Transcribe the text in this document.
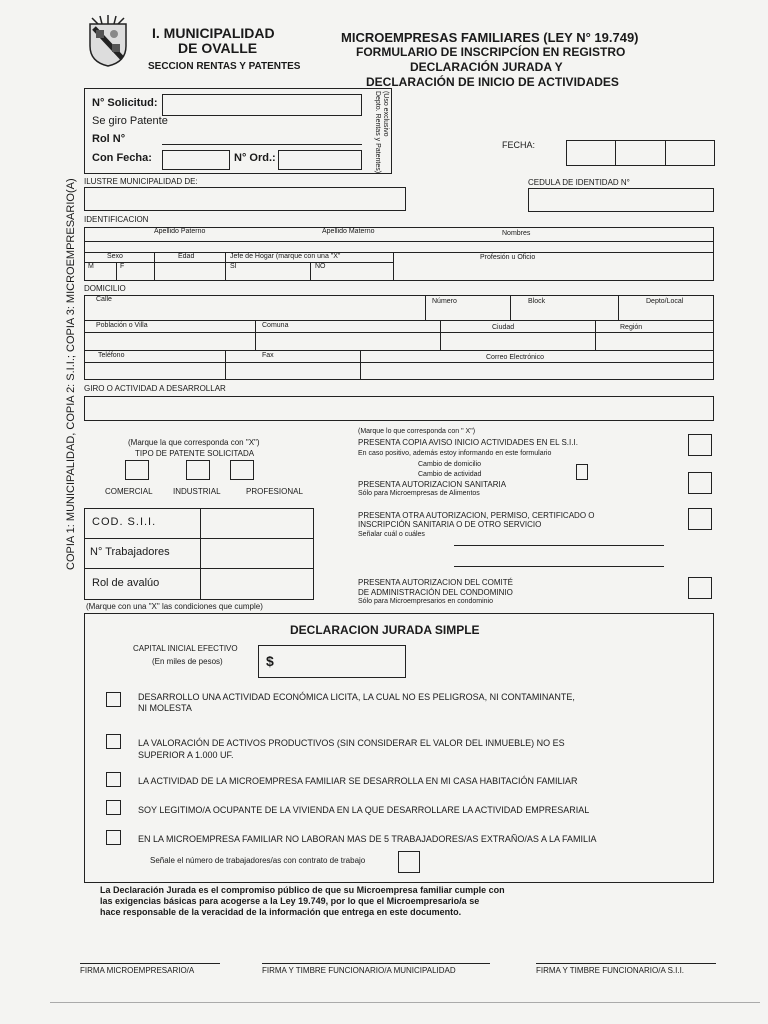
I. MUNICIPALIDAD
DE OVALLE
SECCION RENTAS Y PATENTES
MICROEMPRESAS FAMILIARES (LEY N° 19.749)
FORMULARIO DE INSCRIPCÍON EN REGISTRO
DECLARACIÓN JURADA Y
DECLARACIÓN DE INICIO DE ACTIVIDADES
COPIA 1: MUNICIPALIDAD, COPIA 2: S.I.I.; COPIA 3: MICROEMPRESARIO(A)
N° Solicitud:
Se giro Patente
Rol N°
Con Fecha:	N° Ord.:
(Uso exclusivo
Depto. Rentas y Patentes)	FECHA:
ILUSTRE MUNICIPALIDAD DE:	CEDULA DE IDENTIDAD N°
IDENTIFICACION
Apellido Paterno	Apellido Materno	Nombres
Sexo	Edad	Jefe de Hogar (marque con una "X"	Profesión u Oficio
M	F	SI	NO
DOMICILIO
Calle	Número	Block	Depto/Local
Población o Villa	Comuna	Ciudad	Región
Teléfono	Fax	Correo Electrónico
GIRO O ACTIVIDAD A DESARROLLAR
(Marque la que corresponda con "X")
TIPO DE PATENTE SOLICITADA
COMERCIAL	INDUSTRIAL	PROFESIONAL
COD. S.I.I.
N° Trabajadores
Rol de avalúo
(Marque con una "X" las condiciones que cumple)
(Marque lo que corresponda con " X")
PRESENTA COPIA AVISO INICIO ACTIVIDADES EN EL S.I.I.
En caso positivo, además estoy informando en este formulario
Cambio de domicilio
Cambio de actividad
PRESENTA AUTORIZACION SANITARIA
Sólo para Microempresas de Alimentos
PRESENTA OTRA AUTORIZACION, PERMISO, CERTIFICADO O
INSCRIPCIÓN SANITARIA O DE OTRO SERVICIO
Señalar cuál o cuáles
PRESENTA AUTORIZACION DEL COMITÉ
DE ADMINISTRACIÓN DEL CONDOMINIO
Sólo para Microempresarios en condominio
DECLARACION JURADA SIMPLE
CAPITAL INICIAL EFECTIVO
(En miles de pesos)	$
DESARROLLO UNA ACTIVIDAD ECONÓMICA LICITA, LA CUAL NO ES PELIGROSA, NI CONTAMINANTE,
NI MOLESTA
LA VALORACIÓN DE ACTIVOS PRODUCTIVOS (SIN CONSIDERAR EL VALOR DEL INMUEBLE) NO ES
SUPERIOR A 1.000 UF.
LA ACTIVIDAD DE LA MICROEMPRESA FAMILIAR SE DESARROLLA EN MI CASA HABITACIÓN FAMILIAR
SOY LEGITIMO/A OCUPANTE DE LA VIVIENDA EN LA QUE DESARROLLARE LA ACTIVIDAD EMPRESARIAL
EN LA MICROEMPRESA FAMILIAR NO LABORAN MAS DE 5 TRABAJADORES/AS EXTRAÑO/AS A LA FAMILIA
Señale el número de trabajadores/as con contrato de trabajo
La Declaración Jurada es el compromiso público de que su Microempresa familiar cumple con
las exigencias básicas para acogerse a la Ley 19.749, por lo que el Microempresario/a se
hace responsable de la veracidad de la información que entrega en este documento.
FIRMA MICROEMPRESARIO/A	FIRMA Y TIMBRE FUNCIONARIO/A MUNICIPALIDAD	FIRMA Y TIMBRE FUNCIONARIO/A S.I.I.
